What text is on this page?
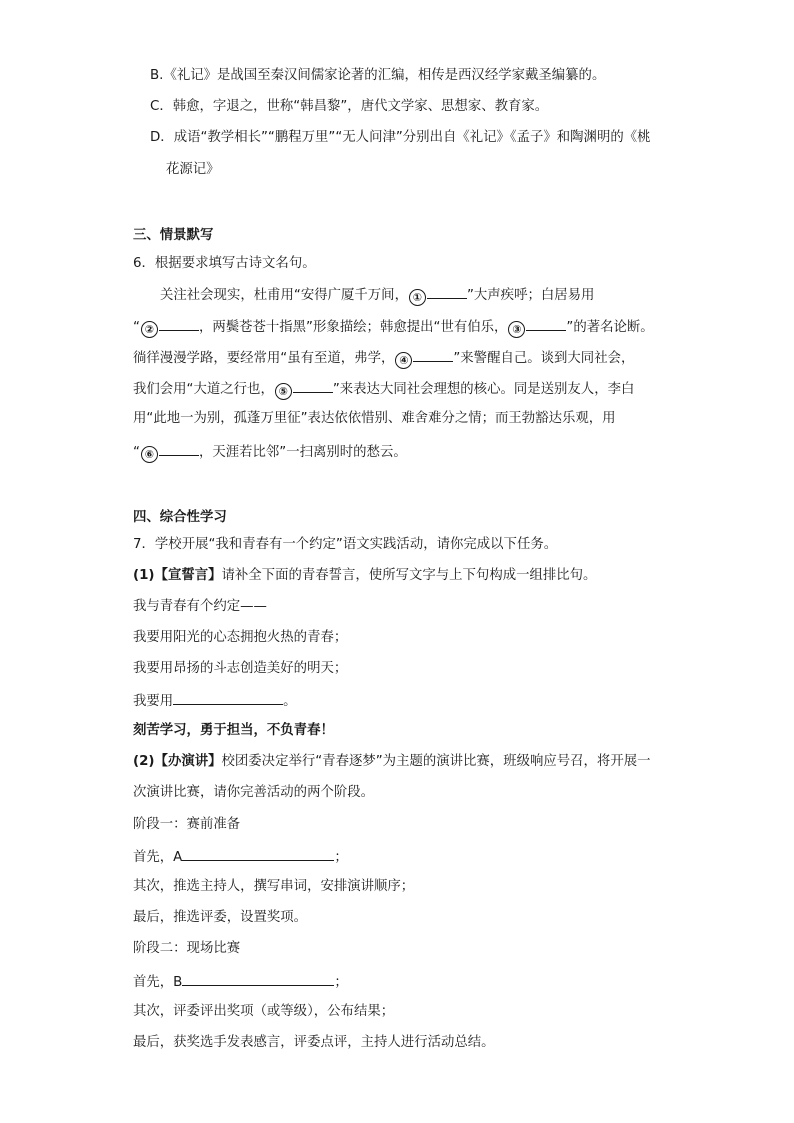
B.《礼记》是战国至秦汉间儒家论著的汇编，相传是西汉经学家戴圣编纂的。
C．韩愈，字退之，世称“韩昌黎”，唐代文学家、思想家、教育家。
D．成语“教学相长”“鹏程万里”“无人问津”分别出自《礼记》《孟子》和陶渊明的《桃
花源记》
三、情景默写
6．根据要求填写古诗文名句。
关注社会现实，杜甫用“安得广厦千万间， ①	”大声疾呼；白居易用
“ ②	，两鬓苍苍十指黑”形象描绘；韩愈提出“世有伯乐， ③	”的著名论断。
徜徉漫漫学路，要经常用“虽有至道，弗学， ④	”来警醒自己。谈到大同社会，
我们会用“大道之行也， ⑤	”来表达大同社会理想的核心。同是送别友人，李白
用“此地一为别，孤蓬万里征”表达依依惜别、难舍难分之情；而王勃豁达乐观，用
“ ⑥	，天涯若比邻”一扫离别时的愁云。
四、综合性学习
7．学校开展“我和青春有一个约定”语文实践活动，请你完成以下任务。
(1)【宣誓言】请补全下面的青春誓言，使所写文字与上下句构成一组排比句。
我与青春有个约定——
我要用阳光的心态拥抱火热的青春；
我要用昂扬的斗志创造美好的明天；
我要用	。
刻苦学习，勇于担当，不负青春！
(2)【办演讲】校团委决定举行“青春逐梦”为主题的演讲比赛，班级响应号召，将开展一
次演讲比赛，请你完善活动的两个阶段。
阶段一：赛前准备
首先，A	；
其次，推选主持人，撰写串词，安排演讲顺序；
最后，推选评委，设置奖项。
阶段二：现场比赛
首先，B	；
其次，评委评出奖项（或等级），公布结果；
最后，获奖选手发表感言，评委点评，主持人进行活动总结。
